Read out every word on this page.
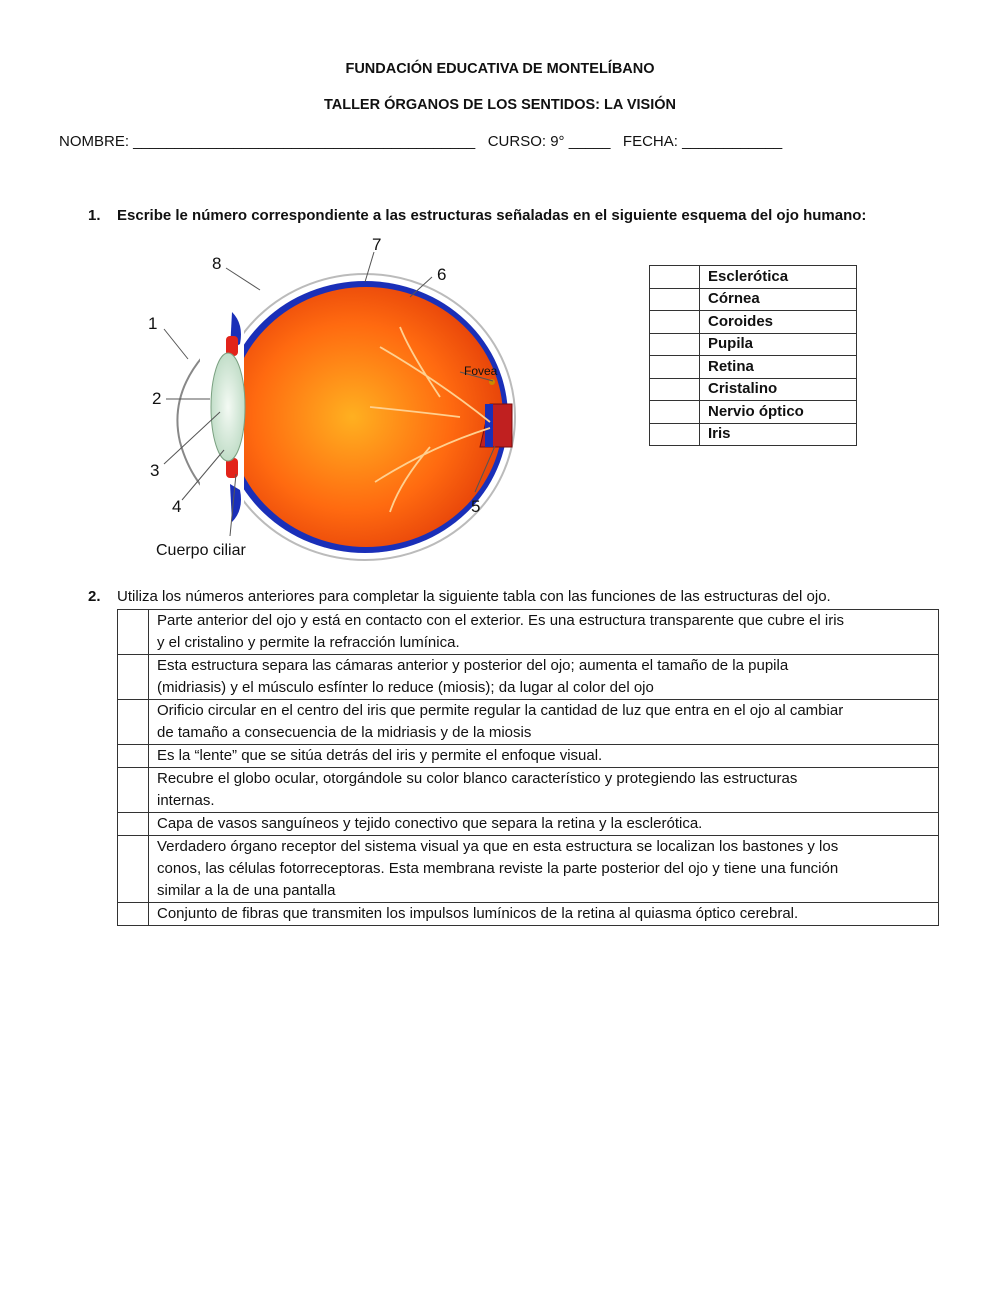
FUNDACIÓN EDUCATIVA DE MONTELÍBANO
TALLER ÓRGANOS DE LOS SENTIDOS: LA VISIÓN
NOMBRE: _________________________________________   CURSO: 9° _____   FECHA: ____________
1. Escribe le número correspondiente a las estructuras señaladas en el siguiente esquema del ojo humano:
1
2
3
4	5
6
7
8
Fovea
Cuerpo ciliar
	Esclerótica
	Córnea
	Coroides
	Pupila
	Retina
	Cristalino
	Nervio óptico
	Iris
2. Utiliza los números anteriores para completar la siguiente tabla con las funciones de las estructuras del ojo.

	Parte anterior del ojo y está en contacto con el exterior. Es una estructura transparente que cubre el iris
y el cristalino y permite la refracción lumínica.

	Esta estructura separa las cámaras anterior y posterior del ojo; aumenta el tamaño de la pupila
(midriasis) y el músculo esfínter lo reduce (miosis); da lugar al color del ojo

	Orificio circular en el centro del iris que permite regular la cantidad de luz que entra en el ojo al cambiar
de tamaño a consecuencia de la midriasis y de la miosis

	Es la “lente” que se sitúa detrás del iris y permite el enfoque visual.

	Recubre el globo ocular, otorgándole su color blanco característico y protegiendo las estructuras
internas.

	Capa de vasos sanguíneos y tejido conectivo que separa la retina y la esclerótica.

	Verdadero órgano receptor del sistema visual ya que en esta estructura se localizan los bastones y los
conos, las células fotorreceptoras. Esta membrana reviste la parte posterior del ojo y tiene una función
similar a la de una pantalla

	Conjunto de fibras que transmiten los impulsos lumínicos de la retina al quiasma óptico cerebral.
